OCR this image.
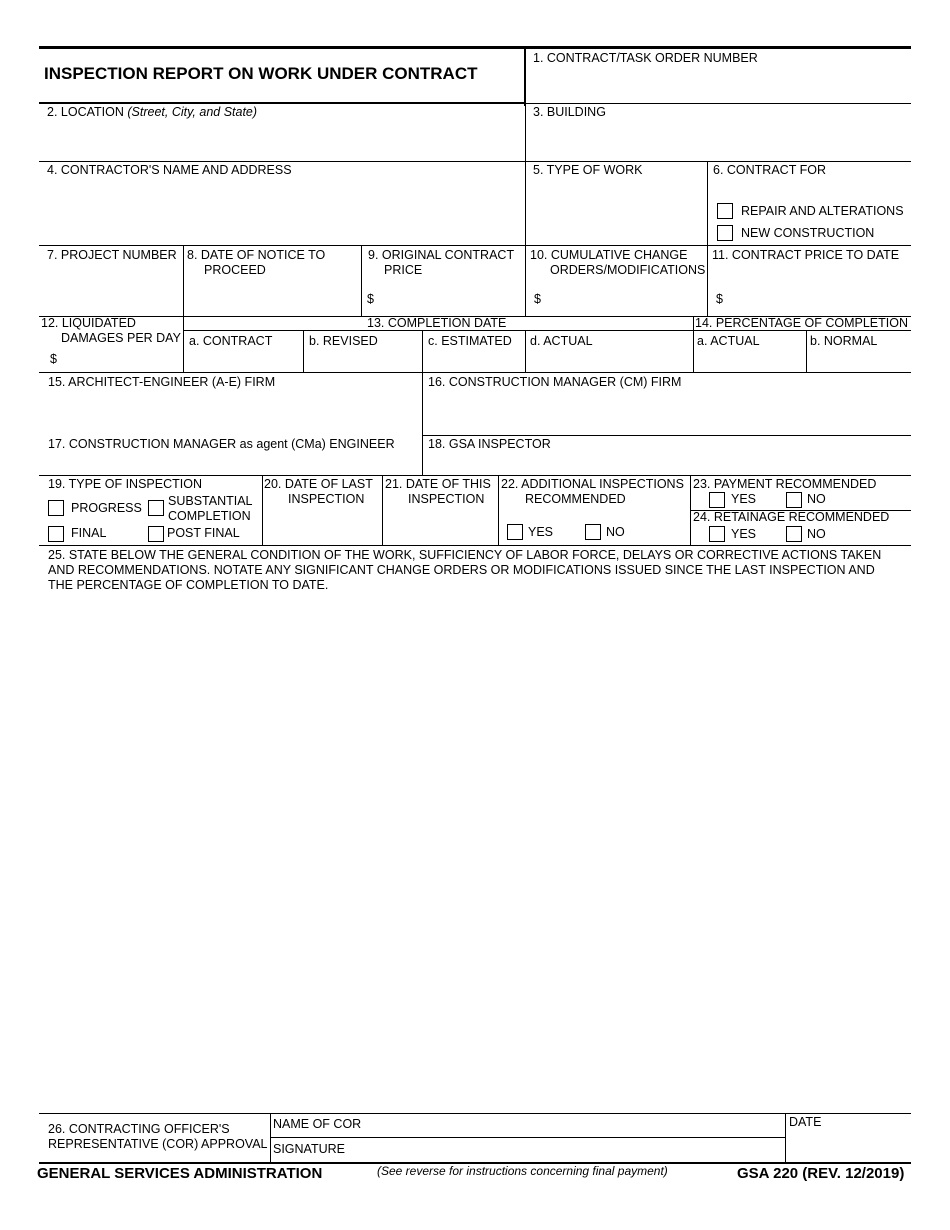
INSPECTION REPORT ON WORK UNDER CONTRACT
1. CONTRACT/TASK ORDER NUMBER
2. LOCATION (Street, City, and State)	3. BUILDING
4. CONTRACTOR'S NAME AND ADDRESS	5. TYPE OF WORK	6. CONTRACT FOR
REPAIR AND ALTERATIONS
NEW CONSTRUCTION
7. PROJECT NUMBER 8. DATE OF NOTICE TO
PROCEED
9. ORIGINAL CONTRACT
PRICE
$
10. CUMULATIVE CHANGE
ORDERS/MODIFICATIONS
$
11. CONTRACT PRICE TO DATE
$
12. LIQUIDATED
DAMAGES PER DAY
$
13. COMPLETION DATE
a. CONTRACT	b. REVISED	c. ESTIMATED d. ACTUAL
14. PERCENTAGE OF COMPLETION
a. ACTUAL	b. NORMAL
15. ARCHITECT-ENGINEER (A-E) FIRM	16. CONSTRUCTION MANAGER (CM) FIRM
17. CONSTRUCTION MANAGER as agent (CMa) ENGINEER	18. GSA INSPECTOR
19. TYPE OF INSPECTION
PROGRESS SUBSTANTIAL
COMPLETION
FINAL	POST FINAL
20. DATE OF LAST
INSPECTION
21. DATE OF THIS
INSPECTION
22. ADDITIONAL INSPECTIONS
RECOMMENDED
YES	NO
23. PAYMENT RECOMMENDED
YES	NO
24. RETAINAGE RECOMMENDED
YES	NO
25. STATE BELOW THE GENERAL CONDITION OF THE WORK, SUFFICIENCY OF LABOR FORCE, DELAYS OR CORRECTIVE ACTIONS TAKEN AND RECOMMENDATIONS. NOTATE ANY SIGNIFICANT CHANGE ORDERS OR MODIFICATIONS ISSUED SINCE THE LAST INSPECTION AND THE PERCENTAGE OF COMPLETION TO DATE.
26. CONTRACTING OFFICER'S
REPRESENTATIVE (COR) APPROVAL
NAME OF COR
SIGNATURE
DATE
GENERAL SERVICES ADMINISTRATION	(See reverse for instructions concerning final payment)	GSA 220 (REV. 12/2019)
